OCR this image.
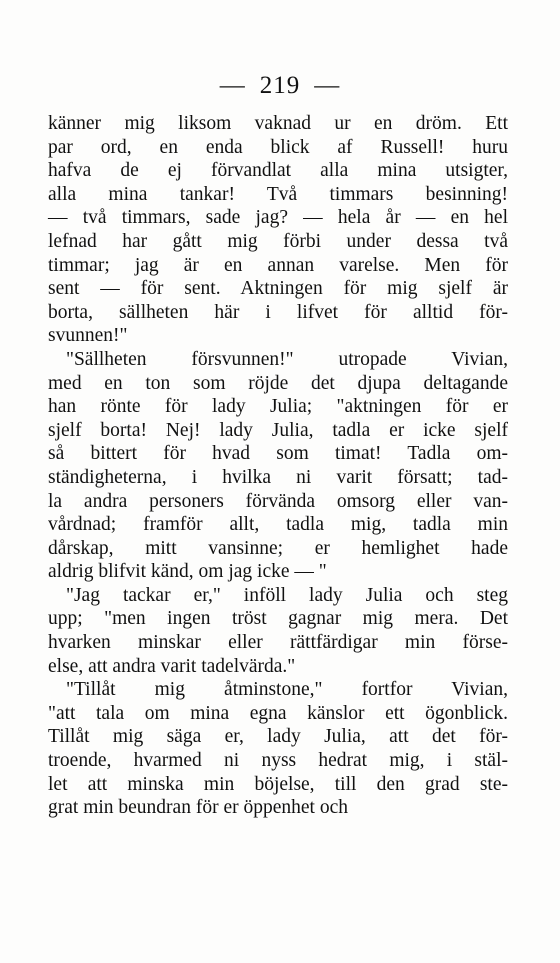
— 219 —
känner mig liksom vaknad ur en dröm. Ett
par ord, en enda blick af Russell! huru
hafva de ej förvandlat alla mina utsigter,
alla mina tankar! Två timmars besinning!
— två timmars, sade jag? — hela år — en hel
lefnad har gått mig förbi under dessa två
timmar; jag är en annan varelse. Men för
sent — för sent. Aktningen för mig sjelf är
borta, sällheten här i lifvet för alltid för-
svunnen!"
"Sällheten försvunnen!" utropade Vivian,
med en ton som röjde det djupa deltagande
han rönte för lady Julia; "aktningen för er
sjelf borta! Nej! lady Julia, tadla er icke sjelf
så bittert för hvad som timat! Tadla om-
ständigheterna, i hvilka ni varit försatt; tad-
la andra personers förvända omsorg eller van-
vårdnad; framför allt, tadla mig, tadla min
dårskap, mitt vansinne; er hemlighet hade
aldrig blifvit känd, om jag icke — "
"Jag tackar er," inföll lady Julia och steg
upp; "men ingen tröst gagnar mig mera. Det
hvarken minskar eller rättfärdigar min förse-
else, att andra varit tadelvärda."
"Tillåt mig åtminstone," fortfor Vivian,
"att tala om mina egna känslor ett ögonblick.
Tillåt mig säga er, lady Julia, att det för-
troende, hvarmed ni nyss hedrat mig, i stäl-
let att minska min böjelse, till den grad ste-
grat min beundran för er öppenhet och
